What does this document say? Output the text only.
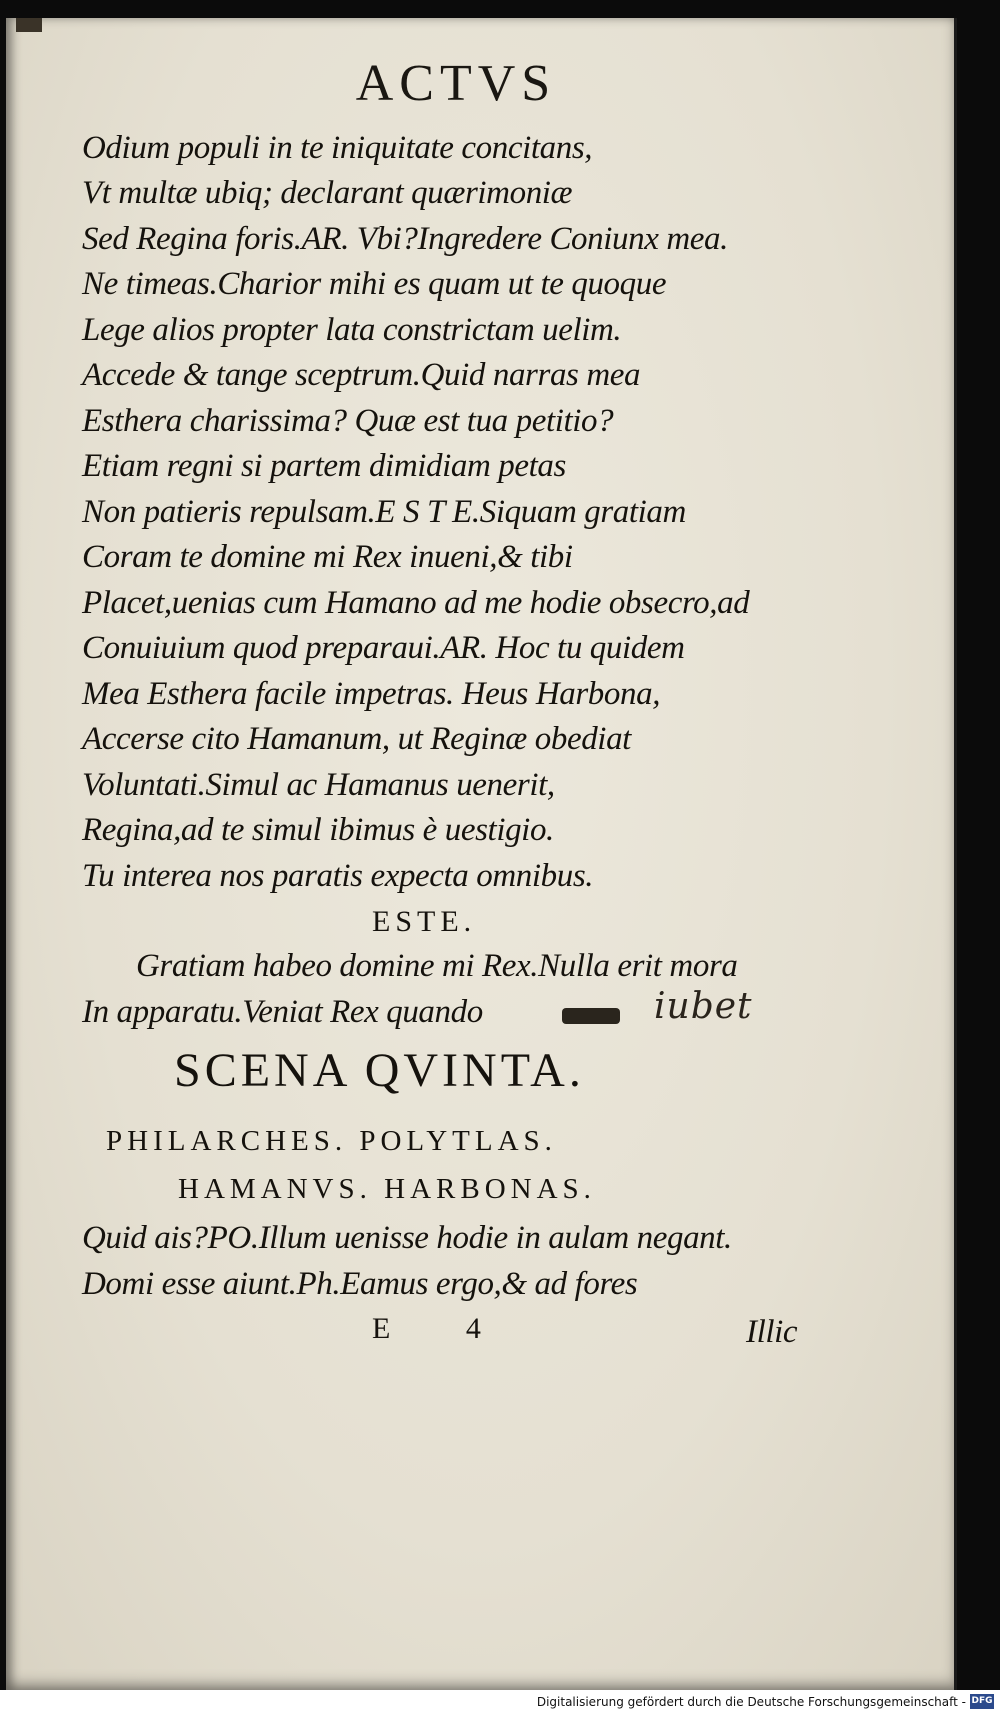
ACTVS
Odium populi in te iniquitate concitans,
Vt multæ ubiq; declarant quærimoniæ
Sed Regina foris.AR. Vbi?Ingredere Coniunx mea.
Ne timeas.Charior mihi es quam ut te quoque
Lege alios propter lata constrictam uelim.
Accede & tange sceptrum.Quid narras mea
Esthera charissima? Quæ est tua petitio?
Etiam regni si partem dimidiam petas
Non patieris repulsam.E S T E.Siquam gratiam
Coram te domine mi Rex inueni,& tibi
Placet,uenias cum Hamano ad me hodie obsecro,ad
Conuiuium quod preparaui.AR. Hoc tu quidem
Mea Esthera facile impetras. Heus Harbona,
Accerse cito Hamanum, ut Reginæ obediat
Voluntati.Simul ac Hamanus uenerit,
Regina,ad te simul ibimus è uestigio.
Tu interea nos paratis expecta omnibus.
ESTE.
Gratiam habeo domine mi Rex.Nulla erit mora
In apparatu.Veniat Rex quando	iubet
SCENA QVINTA.
PHILARCHES. POLYTLAS.
HAMANVS. HARBONAS.
Quid ais?PO.Illum uenisse hodie in aulam negant.
Domi esse aiunt.Ph.Eamus ergo,& ad fores
E 4	Illic
Digitalisierung gefördert durch die Deutsche Forschungsgemeinschaft - DFG
